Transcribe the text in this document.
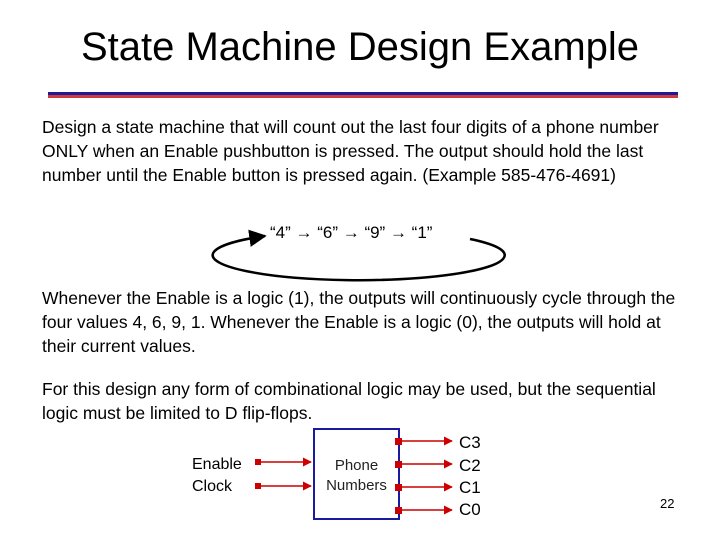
State Machine Design Example
Design a state machine that will count out the last four digits of a phone number ONLY when an Enable pushbutton is pressed. The output should hold the last number until the Enable button is pressed again. (Example 585-476-4691)
“4” → “6” → “9” → “1”
Whenever the Enable is a logic (1), the outputs will continuously cycle through the four values 4, 6, 9, 1. Whenever the Enable is a logic (0), the outputs will hold at their current values.
For this design any form of combinational logic may be used, but the sequential logic must be limited to D flip-flops.
Enable
Clock
Phone
Numbers
C3
C2
C1
C0	22
